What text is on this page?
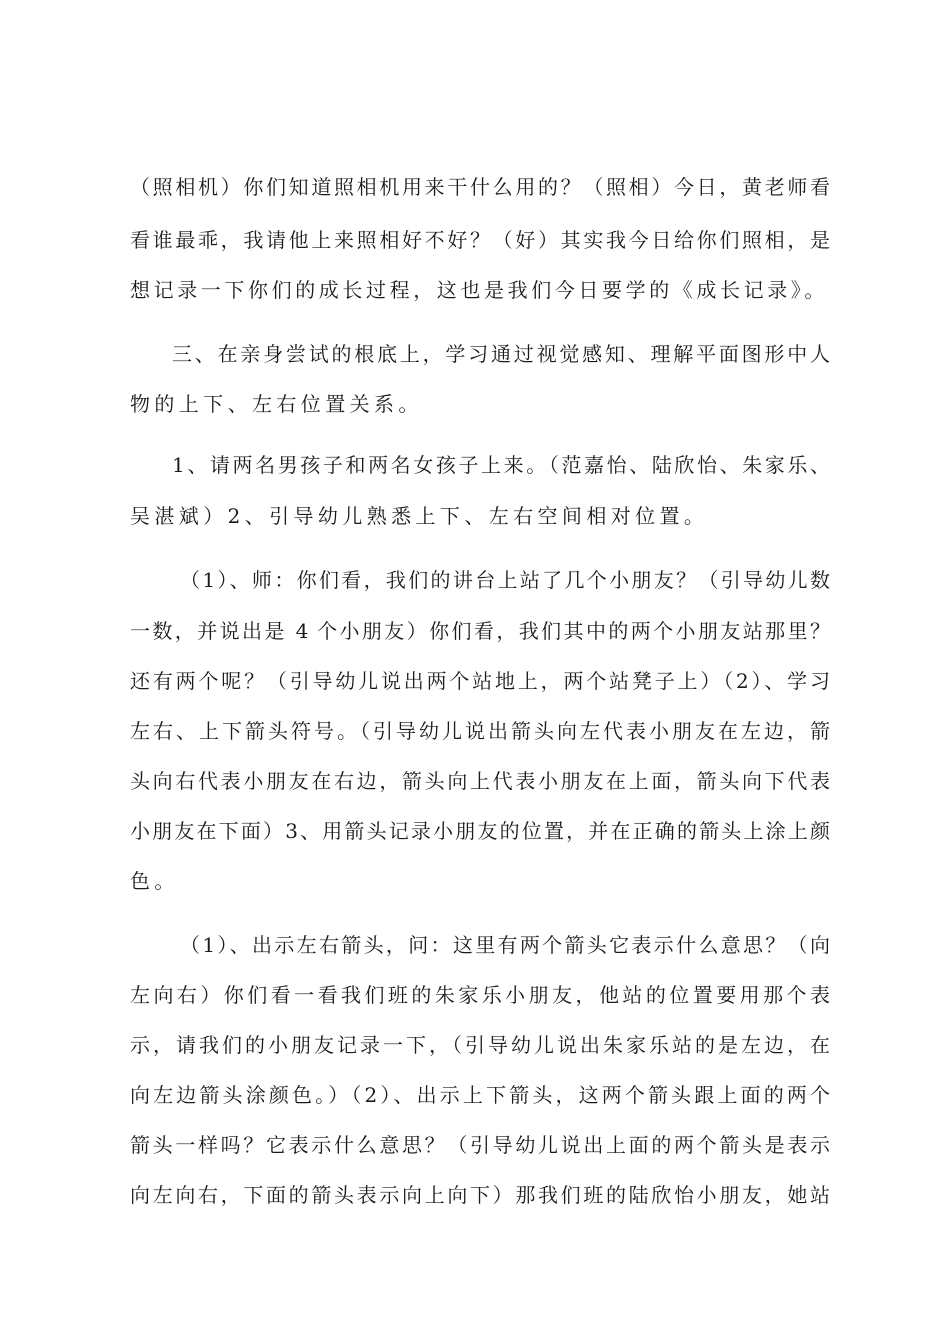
（照相机）你们知道照相机用来干什么用的？（照相）今日，黄老师看
看谁最乖，我请他上来照相好不好？（好）其实我今日给你们照相，是
想记录一下你们的成长过程，这也是我们今日要学的《成长记录》。
三、在亲身尝试的根底上，学习通过视觉感知、理解平面图形中人
物的上下、左右位置关系。
1、请两名男孩子和两名女孩子上来。（范嘉怡、陆欣怡、朱家乐、
吴湛斌）2、引导幼儿熟悉上下、左右空间相对位置。
（1）、师：你们看，我们的讲台上站了几个小朋友？（引导幼儿数
一数，并说出是 4 个小朋友）你们看，我们其中的两个小朋友站那里？
还有两个呢？（引导幼儿说出两个站地上，两个站凳子上）（2）、学习
左右、上下箭头符号。（引导幼儿说出箭头向左代表小朋友在左边，箭
头向右代表小朋友在右边，箭头向上代表小朋友在上面，箭头向下代表
小朋友在下面）3、用箭头记录小朋友的位置，并在正确的箭头上涂上颜
色。
（1）、出示左右箭头，问：这里有两个箭头它表示什么意思？（向
左向右）你们看一看我们班的朱家乐小朋友，他站的位置要用那个表
示，请我们的小朋友记录一下，（引导幼儿说出朱家乐站的是左边，在
向左边箭头涂颜色。）（2）、出示上下箭头，这两个箭头跟上面的两个
箭头一样吗？它表示什么意思？（引导幼儿说出上面的两个箭头是表示
向左向右，下面的箭头表示向上向下）那我们班的陆欣怡小朋友，她站
